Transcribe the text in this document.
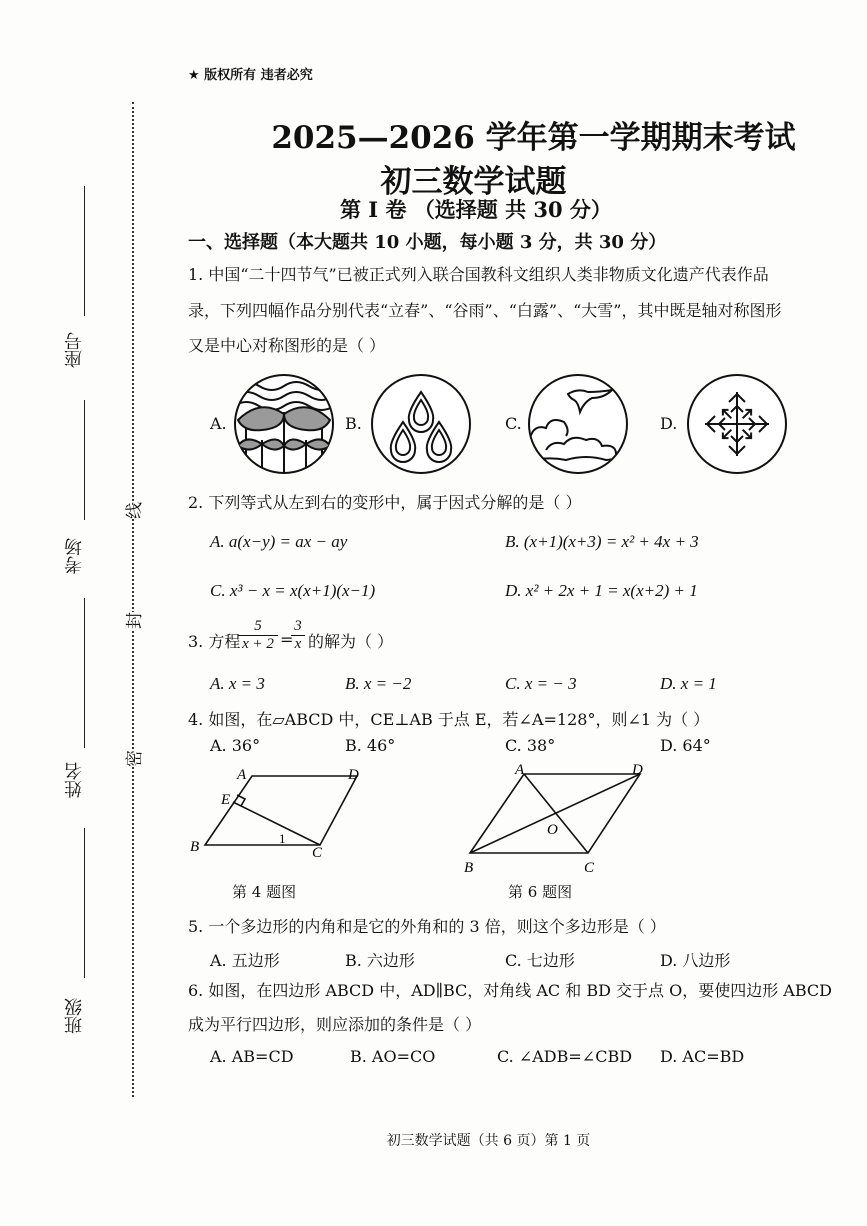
★ 版权所有 违者必究
2025—2026 学年第一学期期末考试
初三数学试题
第 I 卷 （选择题 共 30 分）
座号
考场
姓名
班级
线
封
密
一、选择题（本大题共 10 小题，每小题 3 分，共 30 分）
1. 中国“二十四节气”已被正式列入联合国教科文组织人类非物质文化遗产代表作品
录，下列四幅作品分别代表“立春”、“谷雨”、“白露”、“大雪”，其中既是轴对称图形
又是中心对称图形的是（ ）
A.	B.	C.	D.
2. 下列等式从左到右的变形中，属于因式分解的是（ ）
A. a(x−y) = ax − ay	B. (x+1)(x+3) = x² + 4x + 3
C. x³ − x = x(x+1)(x−1)	D. x² + 2x + 1 = x(x+2) + 1
3. 方程
$\frac{5}{x + 2}$ =
$\frac{3}{x}$ 的解为（ ）
A. x = 3	B. x = −2	C. x = − 3	D. x = 1
4. 如图，在▱ABCD 中，CE⊥AB 于点 E，若∠A=128°，则∠1 为（ ）
A. 36°	B. 46°	C. 38°	D. 64°
A	D
E
B	C
1
A	D
O
B	C
第 4 题图	第 6 题图
5. 一个多边形的内角和是它的外角和的 3 倍，则这个多边形是（ ）
A. 五边形	B. 六边形	C. 七边形	D. 八边形
6. 如图，在四边形 ABCD 中，AD∥BC，对角线 AC 和 BD 交于点 O，要使四边形 ABCD
成为平行四边形，则应添加的条件是（ ）
A. AB=CD	B. AO=CO	C. ∠ADB=∠CBD D. AC=BD
初三数学试题（共 6 页）第 1 页
